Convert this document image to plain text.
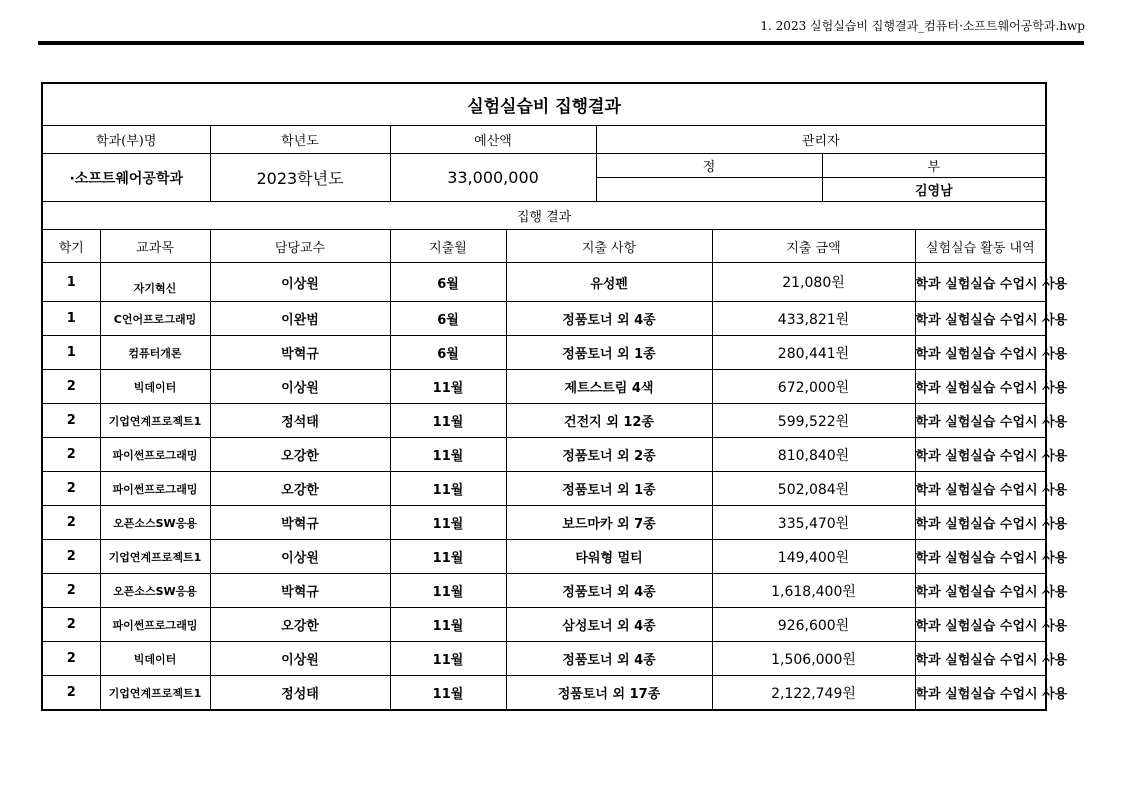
1. 2023 실험실습비 집행결과_컴퓨터·소프트웨어공학과.hwp
실험실습비 집행결과								
학과(부)명		학년도	예산액		관리자			
·소프트웨어공학과		2023학년도	33,000,000		정		부	
							김영남	
집행 결과								
학기	교과목	담당교수	지출월	지출 사항		지출 금액		실험실습 활동 내역
1	자기혁신	이상원	6월	유성펜		21,080원		학과 실험실습 수업시 사용
1	C언어프로그래밍	이완범	6월	정품토너 외 4종		433,821원		학과 실험실습 수업시 사용
1	컴퓨터개론	박혁규	6월	정품토너 외 1종		280,441원		학과 실험실습 수업시 사용
2	빅데이터	이상원	11월	제트스트림 4색		672,000원		학과 실험실습 수업시 사용
2	기업연계프로젝트1	정석태	11월	건전지 외 12종		599,522원		학과 실험실습 수업시 사용
2	파이썬프로그래밍	오강한	11월	정품토너 외 2종		810,840원		학과 실험실습 수업시 사용
2	파이썬프로그래밍	오강한	11월	정품토너 외 1종		502,084원		학과 실험실습 수업시 사용
2	오픈소스SW응용	박혁규	11월	보드마카 외 7종		335,470원		학과 실험실습 수업시 사용
2	기업연계프로젝트1	이상원	11월	타워형 멀티		149,400원		학과 실험실습 수업시 사용
2	오픈소스SW응용	박혁규	11월	정품토너 외 4종		1,618,400원		학과 실험실습 수업시 사용
2	파이썬프로그래밍	오강한	11월	삼성토너 외 4종		926,600원		학과 실험실습 수업시 사용
2	빅데이터	이상원	11월	정품토너 외 4종		1,506,000원		학과 실험실습 수업시 사용
2	기업연계프로젝트1	정성태	11월	정품토너 외 17종		2,122,749원		학과 실험실습 수업시 사용
